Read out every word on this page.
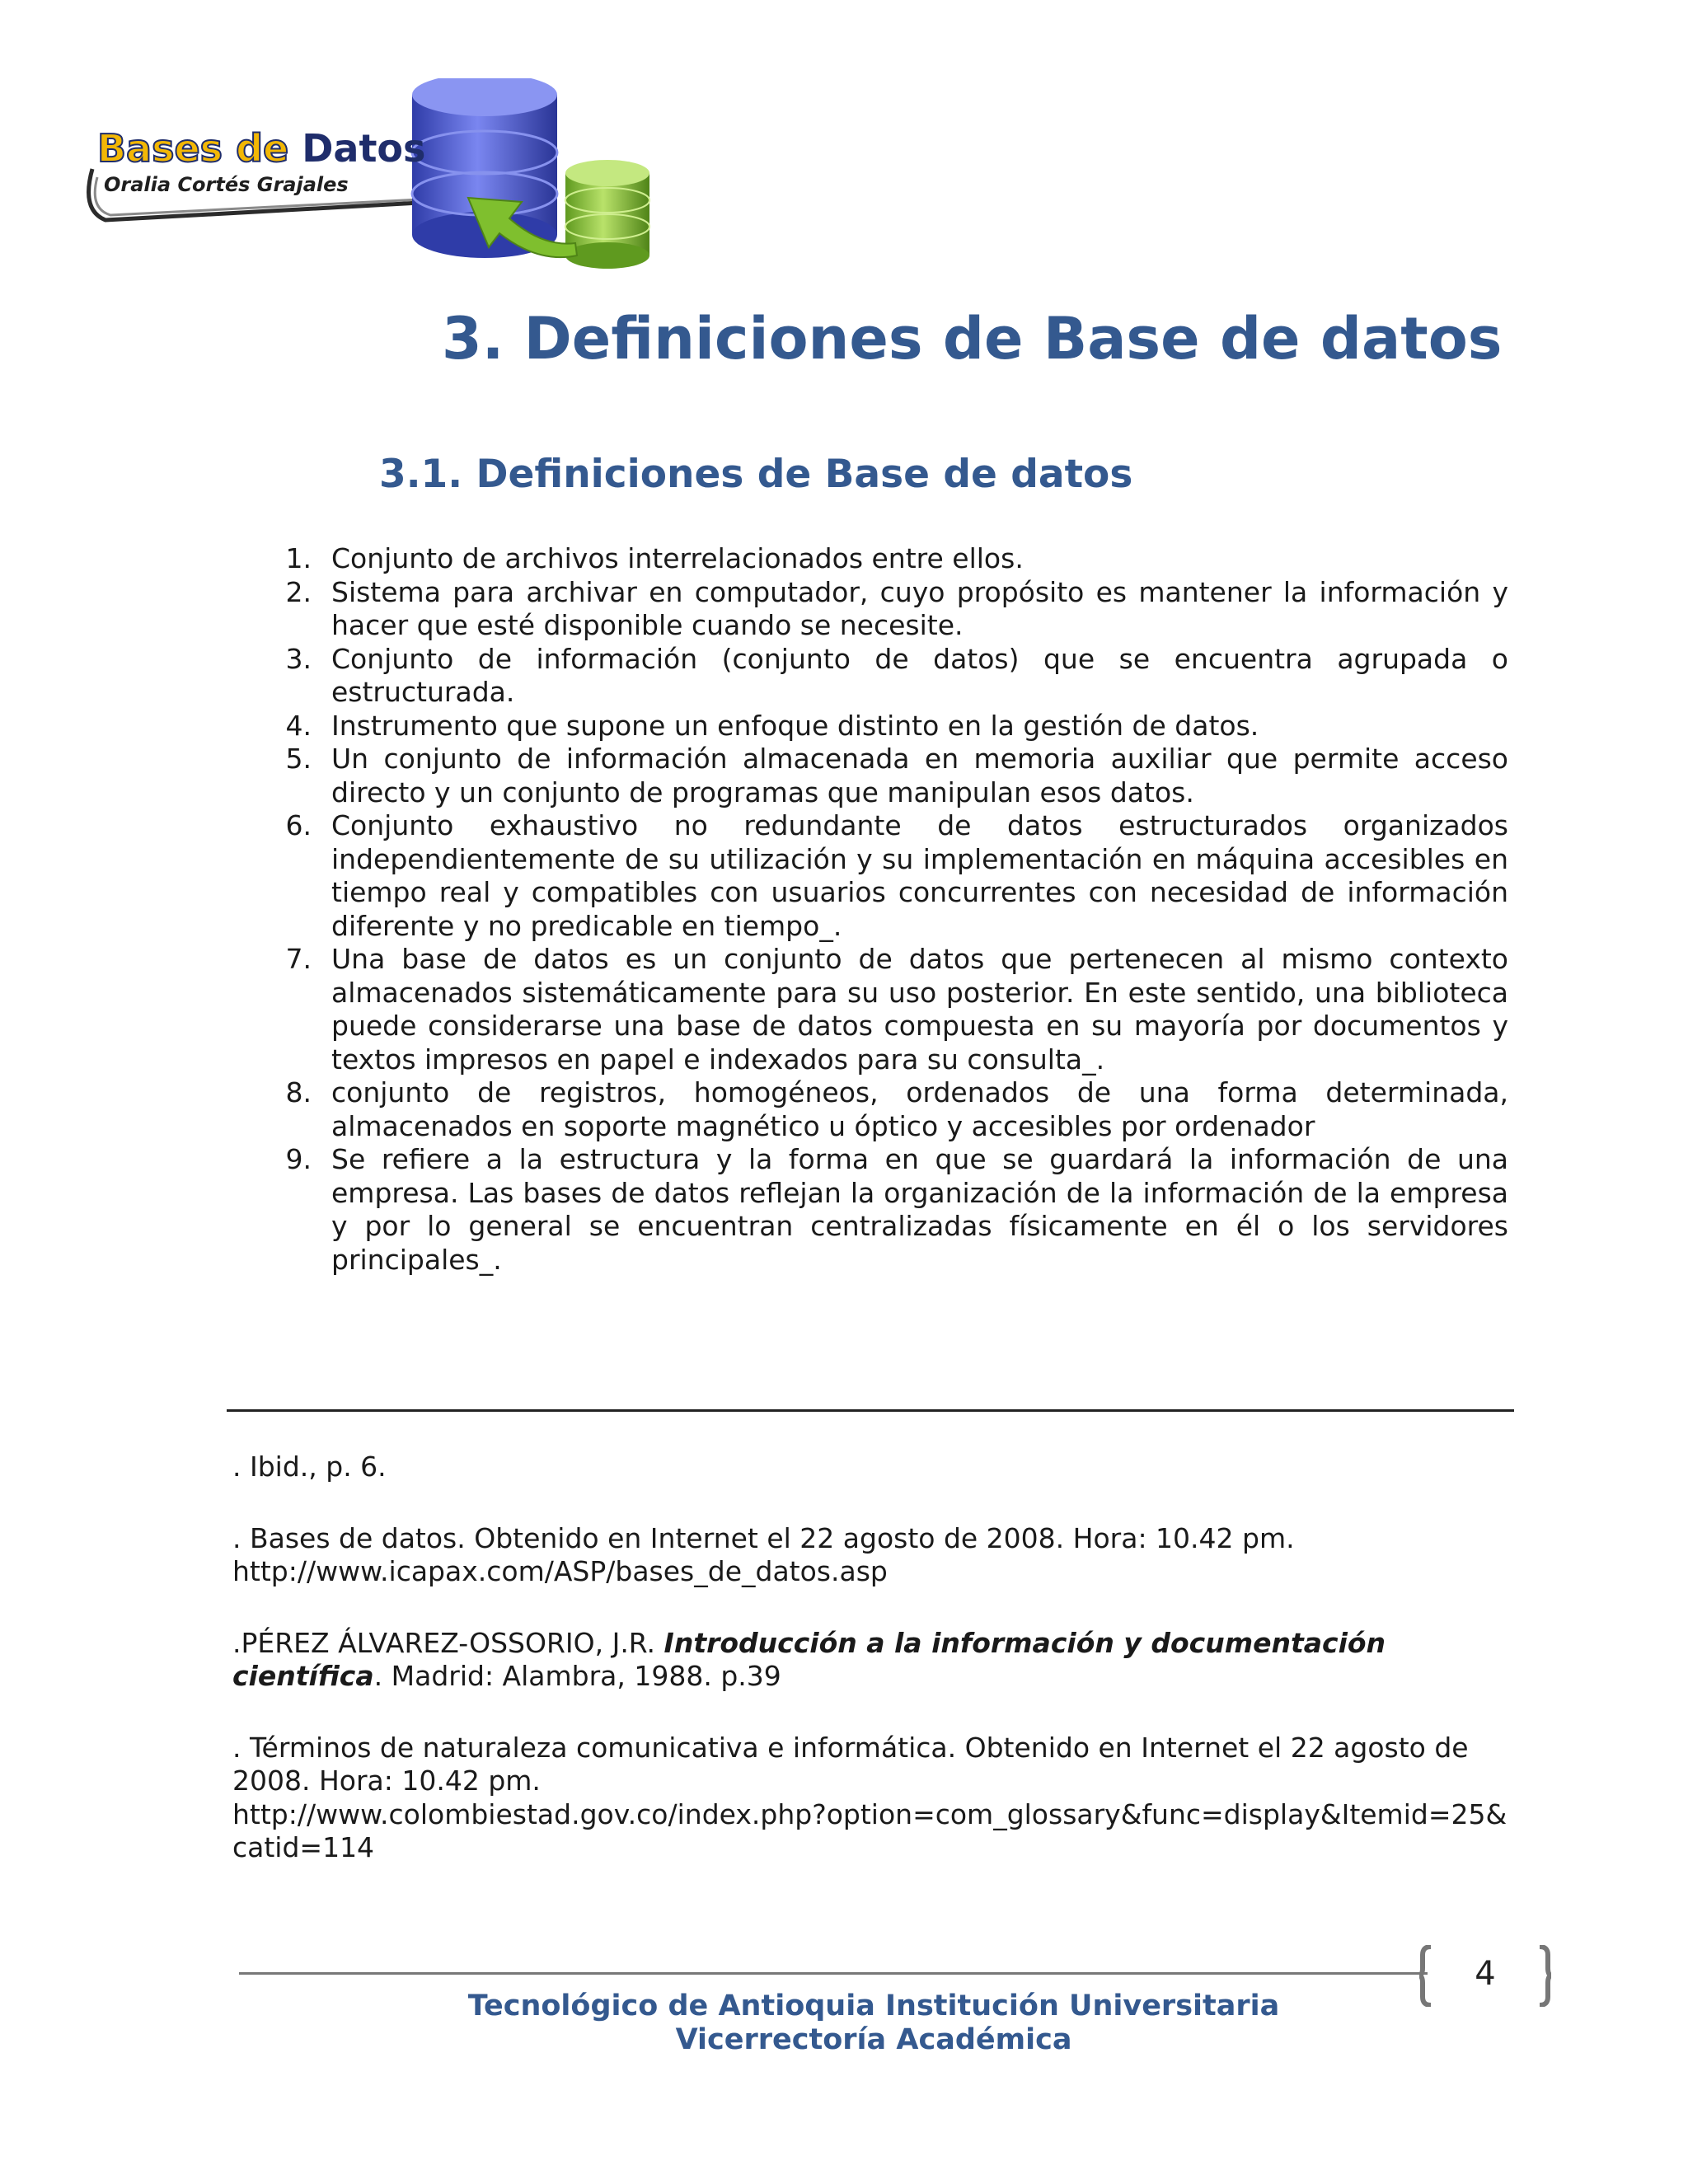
Bases de Datos
Oralia Cortés Grajales
3. Definiciones de Base de datos
3.1. Definiciones de Base de datos
1. Conjunto de archivos interrelacionados entre ellos.
2. Sistema para archivar en computador, cuyo propósito es mantener la información y hacer que esté disponible cuando se necesite.
3. Conjunto de información (conjunto de datos) que se encuentra agrupada o estructurada.
4. Instrumento que supone un enfoque distinto en la gestión de datos.
5. Un conjunto de información almacenada en memoria auxiliar que permite acceso directo y un conjunto de programas que manipulan esos datos.
6. Conjunto exhaustivo no redundante de datos estructurados organizados independientemente de su utilización y su implementación en máquina accesibles en tiempo real y compatibles con usuarios concurrentes con necesidad de información diferente y no predicable en tiempo_.
7. Una base de datos es un conjunto de datos que pertenecen al mismo contexto almacenados sistemáticamente para su uso posterior. En este sentido, una biblioteca puede considerarse una base de datos compuesta en su mayoría por documentos y textos impresos en papel e indexados para su consulta_.
8. conjunto de registros, homogéneos, ordenados de una forma determinada, almacenados en soporte magnético u óptico y accesibles por ordenador
9. Se refiere a la estructura y la forma en que se guardará la información de una empresa. Las bases de datos reflejan la organización de la información de la empresa y por lo general se encuentran centralizadas físicamente en él o los servidores principales_.

. Ibid., p. 6.

. Bases de datos. Obtenido en Internet el 22 agosto de 2008. Hora: 10.42 pm.
http://www.icapax.com/ASP/bases_de_datos.asp

.PÉREZ ÁLVAREZ-OSSORIO, J.R. Introducción a la información y documentación científica. Madrid: Alambra, 1988. p.39

. Términos de naturaleza comunicativa e informática. Obtenido en Internet el 22 agosto de 2008. Hora: 10.42 pm.
http://www.colombiestad.gov.co/index.php?option=com_glossary&func=display&Itemid=25&catid=114

4
Tecnológico de Antioquia Institución Universitaria
Vicerrectoría Académica
